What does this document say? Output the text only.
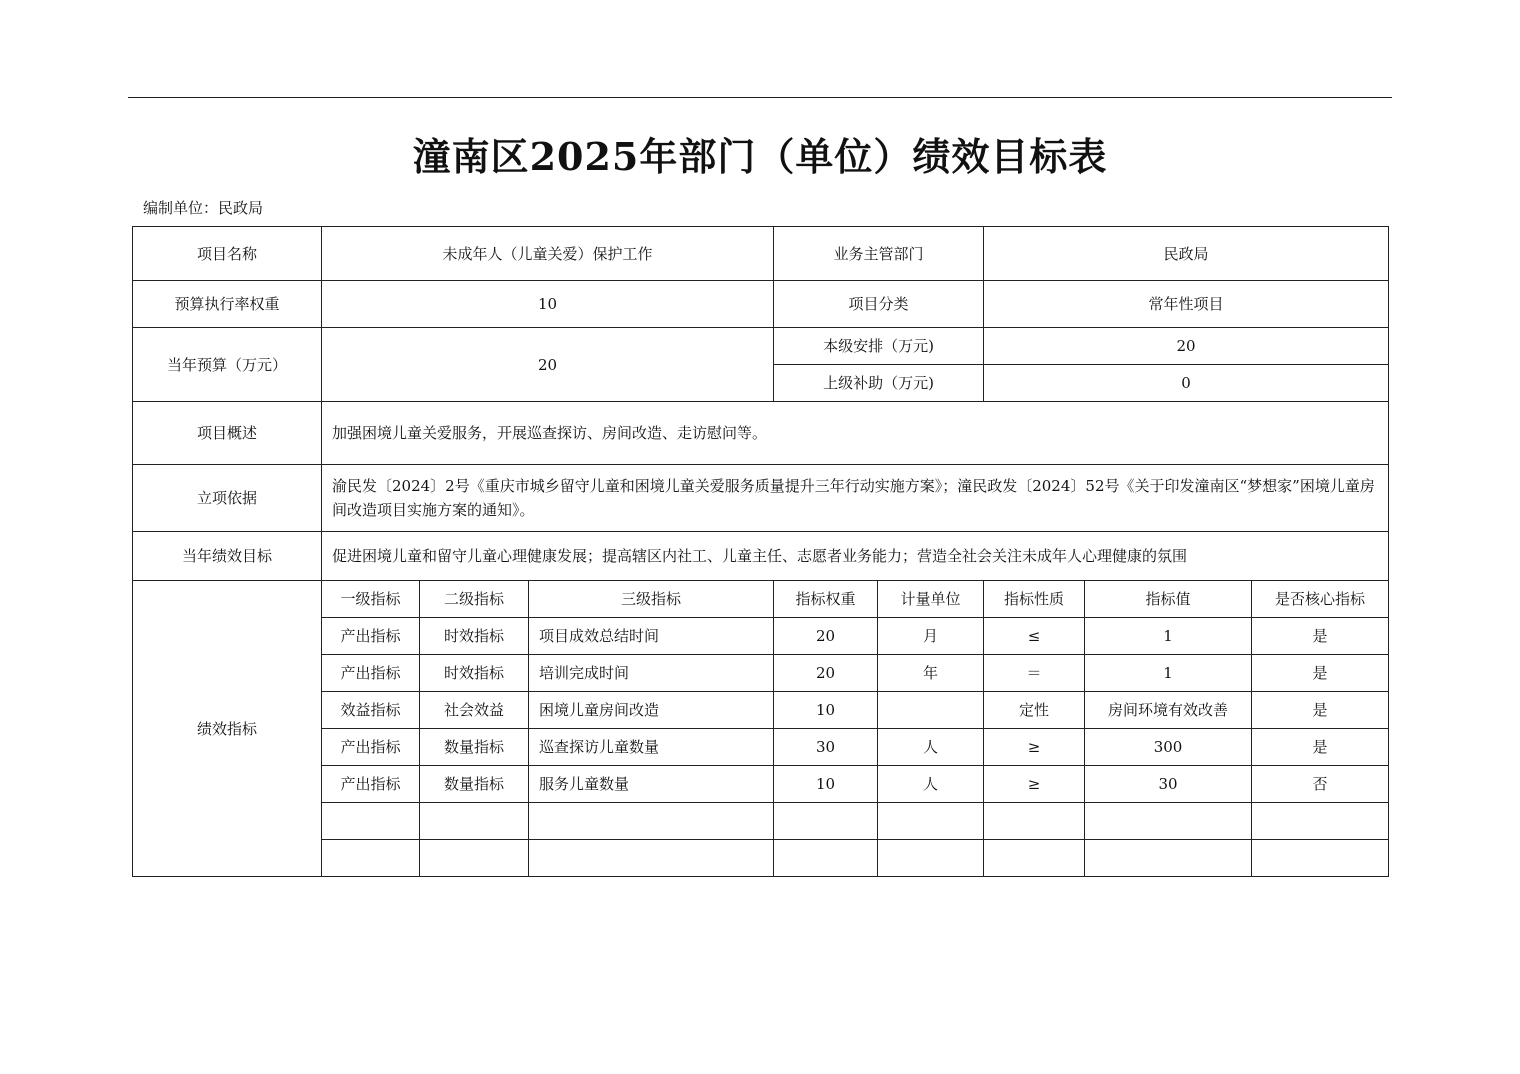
潼南区2025年部门（单位）绩效目标表
编制单位：民政局
项目名称	未成年人（儿童关爱）保护工作			业务主管部门		民政局		
预算执行率权重	10			项目分类		常年性项目		
当年预算（万元）	20			本级安排（万元)		20		
				上级补助（万元)		0		
项目概述	加强困境儿童关爱服务，开展巡查探访、房间改造、走访慰问等。							
立项依据	渝民发〔2024〕2号《重庆市城乡留守儿童和困境儿童关爱服务质量提升三年行动实施方案》；潼民政发〔2024〕52号《关于印发潼南区“梦想家”困境儿童房间改造项目实施方案的通知》。							
当年绩效目标	促进困境儿童和留守儿童心理健康发展；提高辖区内社工、儿童主任、志愿者业务能力；营造全社会关注未成年人心理健康的氛围							
绩效指标	一级指标	二级指标	三级指标	指标权重	计量单位	指标性质	指标值	是否核心指标
	产出指标	时效指标	项目成效总结时间	20	月	≤	1	是
	产出指标	时效指标	培训完成时间	20	年	＝	1	是
	效益指标	社会效益	困境儿童房间改造	10		定性	房间环境有效改善	是
	产出指标	数量指标	巡查探访儿童数量	30	人	≥	300	是
	产出指标	数量指标	服务儿童数量	10	人	≥	30	否
